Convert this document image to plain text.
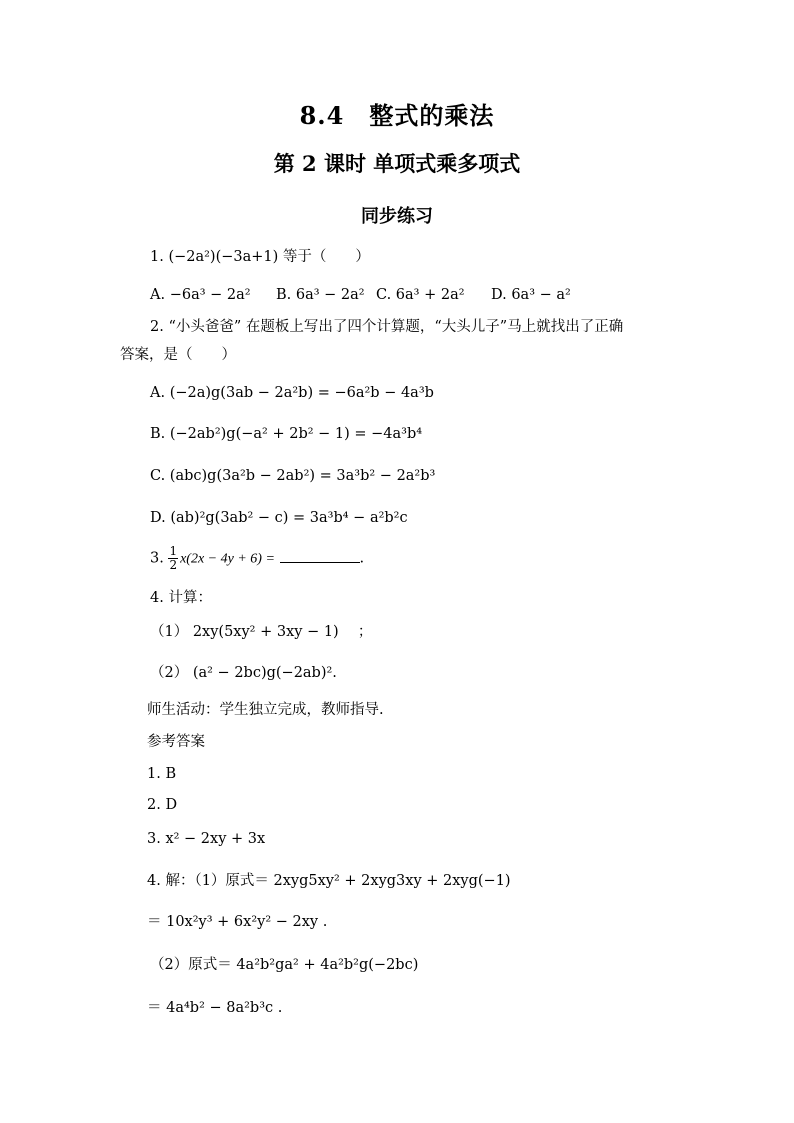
8.4　整式的乘法
第 2 课时 单项式乘多项式
同步练习
1. (−2a²)(−3a+1) 等于（　　）
A. −6a³ − 2a² B. 6a³ − 2a² C. 6a³ + 2a² D. 6a³ − a²
2. “小头爸爸” 在题板上写出了四个计算题，“大头儿子”马上就找出了正确
答案，是（　　）
A. (−2a)g(3ab − 2a²b) = −6a²b − 4a³b
B. (−2ab²)g(−a² + 2b² − 1) = −4a³b⁴
C. (abc)g(3a²b − 2ab²) = 3a³b² − 2a²b³
D. (ab)²g(3ab² − c) = 3a³b⁴ − a²b²c
3. $\frac{1}{2} x(2x - 4y + 6)$ =	.
4. 计算：
（1） 2xy(5xy² + 3xy − 1) 　；
（2） (a² − 2bc)g(−2ab)².
师生活动：学生独立完成，教师指导.
参考答案
1. B
2. D
3. x² − 2xy + 3x
4. 解：（1）原式＝ 2xyg5xy² + 2xyg3xy + 2xyg(−1)
＝ 10x²y³ + 6x²y² − 2xy .
（2）原式＝ 4a²b²ga² + 4a²b²g(−2bc)
＝ 4a⁴b² − 8a²b³c .
